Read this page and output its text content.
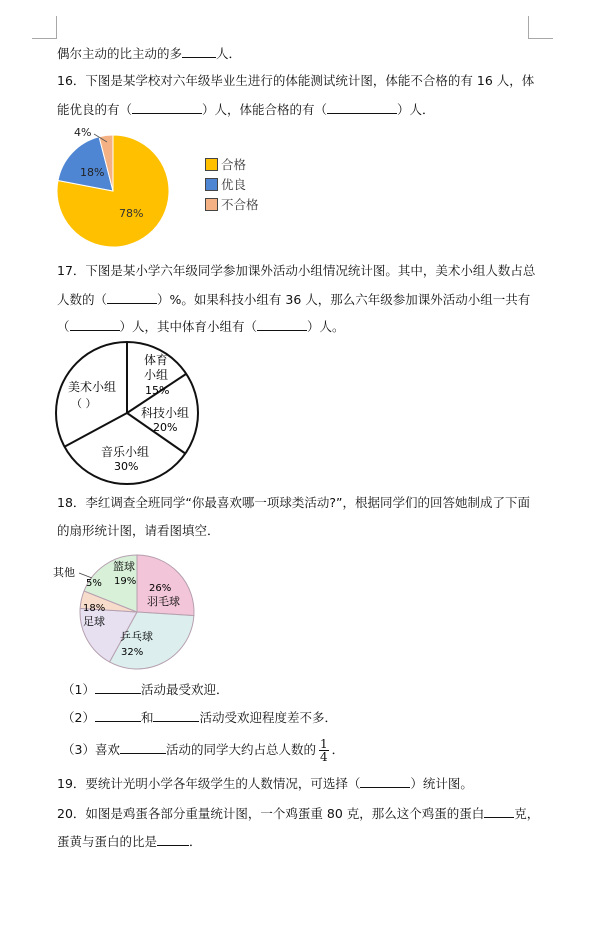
偶尔主动的比主动的多	人．
16．下图是某学校对六年级毕业生进行的体能测试统计图，体能不合格的有 16 人，体
能优良的有（	）人，体能合格的有（	）人．
78%
18%
4%
合格
优良
不合格
17．下图是某小学六年级同学参加课外活动小组情况统计图。其中，美术小组人数占总
人数的（	）%。如果科技小组有 36 人，那么六年级参加课外活动小组一共有
（	）人，其中体育小组有（	）人。
体育
小组
15%
科技小组
20%
音乐小组
30%
美术小组
（ ）
18．李红调查全班同学“你最喜欢哪一项球类活动?”，根据同学们的回答她制成了下面
的扇形统计图，请看图填空．
其他
5%
篮球
19%
26%
羽毛球
18%
足球
乒乓球
32%
（1）	活动最受欢迎．
（2）	和	活动受欢迎程度差不多．
（3）喜欢	活动的同学大约占总人数的 $\frac{1}{4}$ ．
19．要统计光明小学各年级学生的人数情况，可选择（	）统计图。
20．如图是鸡蛋各部分重量统计图，一个鸡蛋重 80 克，那么这个鸡蛋的蛋白 克，
蛋黄与蛋白的比是	．
